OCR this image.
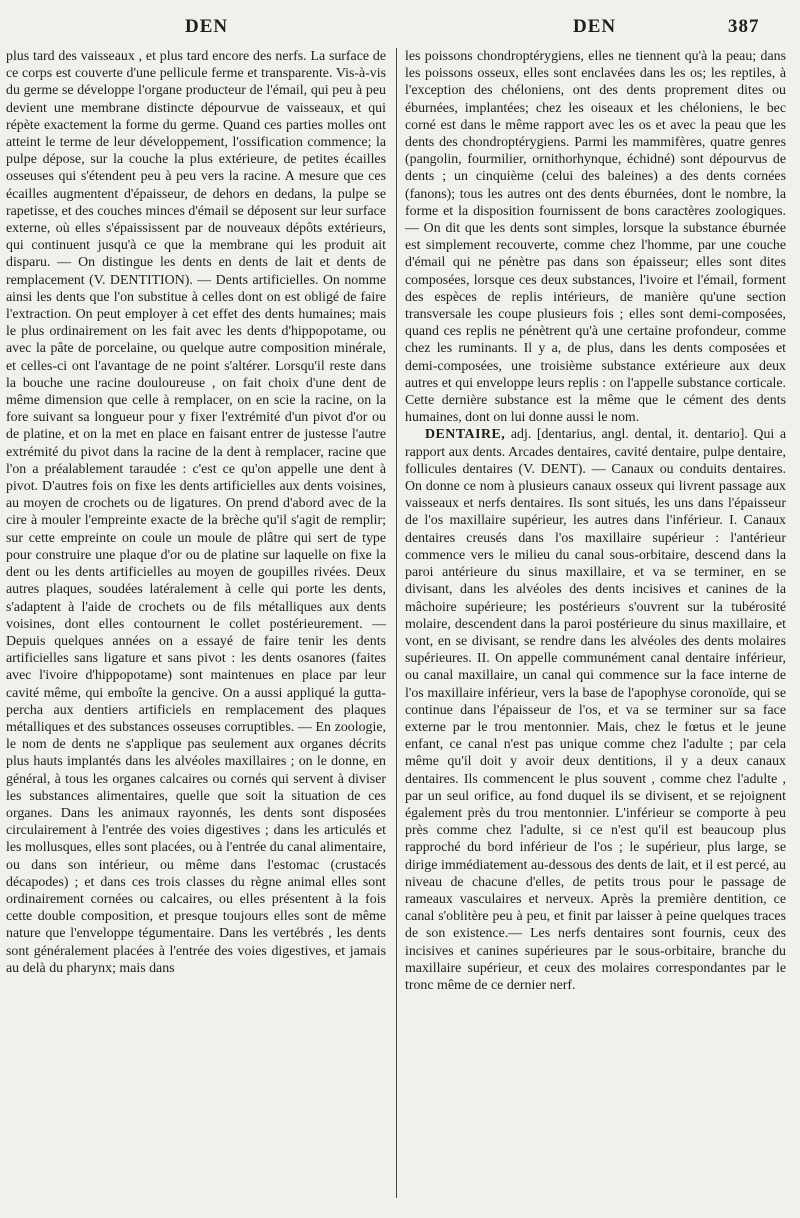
DEN	DEN	387

plus tard des vaisseaux , et plus tard encore des nerfs. La surface de ce corps est couverte d'une pellicule ferme et transparente. Vis-à-vis du germe se développe l'organe producteur de l'émail, qui peu à peu devient une membrane distincte dépourvue de vaisseaux, et qui répète exactement la forme du germe. Quand ces parties molles ont atteint le terme de leur développement, l'ossification commence; la pulpe dépose, sur la couche la plus extérieure, de petites écailles osseuses qui s'étendent peu à peu vers la racine. A mesure que ces écailles augmentent d'épaisseur, de dehors en dedans, la pulpe se rapetisse, et des couches minces d'émail se déposent sur leur surface externe, où elles s'épaississent par de nouveaux dépôts extérieurs, qui continuent jusqu'à ce que la membrane qui les produit ait disparu. — On distingue les dents en dents de lait et dents de remplacement (V. DENTITION). — Dents artificielles. On nomme ainsi les dents que l'on substitue à celles dont on est obligé de faire l'extraction. On peut employer à cet effet des dents humaines; mais le plus ordinairement on les fait avec les dents d'hippopotame, ou avec la pâte de porcelaine, ou quelque autre composition minérale, et celles-ci ont l'avantage de ne point s'altérer. Lorsqu'il reste dans la bouche une racine douloureuse , on fait choix d'une dent de même dimension que celle à remplacer, on en scie la racine, on la fore suivant sa longueur pour y fixer l'extrémité d'un pivot d'or ou de platine, et on la met en place en faisant entrer de justesse l'autre extrémité du pivot dans la racine de la dent à remplacer, racine que l'on a préalablement taraudée : c'est ce qu'on appelle une dent à pivot. D'autres fois on fixe les dents artificielles aux dents voisines, au moyen de crochets ou de ligatures. On prend d'abord avec de la cire à mouler l'empreinte exacte de la brèche qu'il s'agit de remplir; sur cette empreinte on coule un moule de plâtre qui sert de type pour construire une plaque d'or ou de platine sur laquelle on fixe la dent ou les dents artificielles au moyen de goupilles rivées. Deux autres plaques, soudées latéralement à celle qui porte les dents, s'adaptent à l'aide de crochets ou de fils métalliques aux dents voisines, dont elles contournent le collet postérieurement. — Depuis quelques années on a essayé de faire tenir les dents artificielles sans ligature et sans pivot : les dents osanores (faites avec l'ivoire d'hippopotame) sont maintenues en place par leur cavité même, qui emboîte la gencive. On a aussi appliqué la gutta-percha aux dentiers artificiels en remplacement des plaques métalliques et des substances osseuses corruptibles. — En zoologie, le nom de dents ne s'applique pas seulement aux organes décrits plus hauts implantés dans les alvéoles maxillaires ; on le donne, en général, à tous les organes calcaires ou cornés qui servent à diviser les substances alimentaires, quelle que soit la situation de ces organes. Dans les animaux rayonnés, les dents sont disposées circulairement à l'entrée des voies digestives ; dans les articulés et les mollusques, elles sont placées, ou à l'entrée du canal alimentaire, ou dans son intérieur, ou même dans l'estomac (crustacés décapodes) ; et dans ces trois classes du règne animal elles sont ordinairement cornées ou calcaires, ou elles présentent à la fois cette double composition, et presque toujours elles sont de même nature que l'enveloppe tégumentaire. Dans les vertébrés , les dents sont généralement placées à l'entrée des voies digestives, et jamais au delà du pharynx; mais dans

les poissons chondroptérygiens, elles ne tiennent qu'à la peau; dans les poissons osseux, elles sont enclavées dans les os; les reptiles, à l'exception des chéloniens, ont des dents proprement dites ou éburnées, implantées; chez les oiseaux et les chéloniens, le bec corné est dans le même rapport avec les os et avec la peau que les dents des chondroptérygiens. Parmi les mammifères, quatre genres (pangolin, fourmilier, ornithorhynque, échidné) sont dépourvus de dents ; un cinquième (celui des baleines) a des dents cornées (fanons); tous les autres ont des dents éburnées, dont le nombre, la forme et la disposition fournissent de bons caractères zoologiques. — On dit que les dents sont simples, lorsque la substance éburnée est simplement recouverte, comme chez l'homme, par une couche d'émail qui ne pénètre pas dans son épaisseur; elles sont dites composées, lorsque ces deux substances, l'ivoire et l'émail, forment des espèces de replis intérieurs, de manière qu'une section transversale les coupe plusieurs fois ; elles sont demi-composées, quand ces replis ne pénètrent qu'à une certaine profondeur, comme chez les ruminants. Il y a, de plus, dans les dents composées et demi-composées, une troisième substance extérieure aux deux autres et qui enveloppe leurs replis : on l'appelle substance corticale. Cette dernière substance est la même que le cément des dents humaines, dont on lui donne aussi le nom.

DENTAIRE, adj. [dentarius, angl. dental, it. dentario]. Qui a rapport aux dents. Arcades dentaires, cavité dentaire, pulpe dentaire, follicules dentaires (V. DENT). — Canaux ou conduits dentaires. On donne ce nom à plusieurs canaux osseux qui livrent passage aux vaisseaux et nerfs dentaires. Ils sont situés, les uns dans l'épaisseur de l'os maxillaire supérieur, les autres dans l'inférieur. I. Canaux dentaires creusés dans l'os maxillaire supérieur : l'antérieur commence vers le milieu du canal sous-orbitaire, descend dans la paroi antérieure du sinus maxillaire, et va se terminer, en se divisant, dans les alvéoles des dents incisives et canines de la mâchoire supérieure; les postérieurs s'ouvrent sur la tubérosité molaire, descendent dans la paroi postérieure du sinus maxillaire, et vont, en se divisant, se rendre dans les alvéoles des dents molaires supérieures. II. On appelle communément canal dentaire inférieur, ou canal maxillaire, un canal qui commence sur la face interne de l'os maxillaire inférieur, vers la base de l'apophyse coronoïde, qui se continue dans l'épaisseur de l'os, et va se terminer sur sa face externe par le trou mentonnier. Mais, chez le fœtus et le jeune enfant, ce canal n'est pas unique comme chez l'adulte ; par cela même qu'il doit y avoir deux dentitions, il y a deux canaux dentaires. Ils commencent le plus souvent , comme chez l'adulte , par un seul orifice, au fond duquel ils se divisent, et se rejoignent également près du trou mentonnier. L'inférieur se comporte à peu près comme chez l'adulte, si ce n'est qu'il est beaucoup plus rapproché du bord inférieur de l'os ; le supérieur, plus large, se dirige immédiatement au-dessous des dents de lait, et il est percé, au niveau de chacune d'elles, de petits trous pour le passage de rameaux vasculaires et nerveux. Après la première dentition, ce canal s'oblitère peu à peu, et finit par laisser à peine quelques traces de son existence.— Les nerfs dentaires sont fournis, ceux des incisives et canines supérieures par le sous-orbitaire, branche du maxillaire supérieur, et ceux des molaires correspondantes par le tronc même de ce dernier nerf.
